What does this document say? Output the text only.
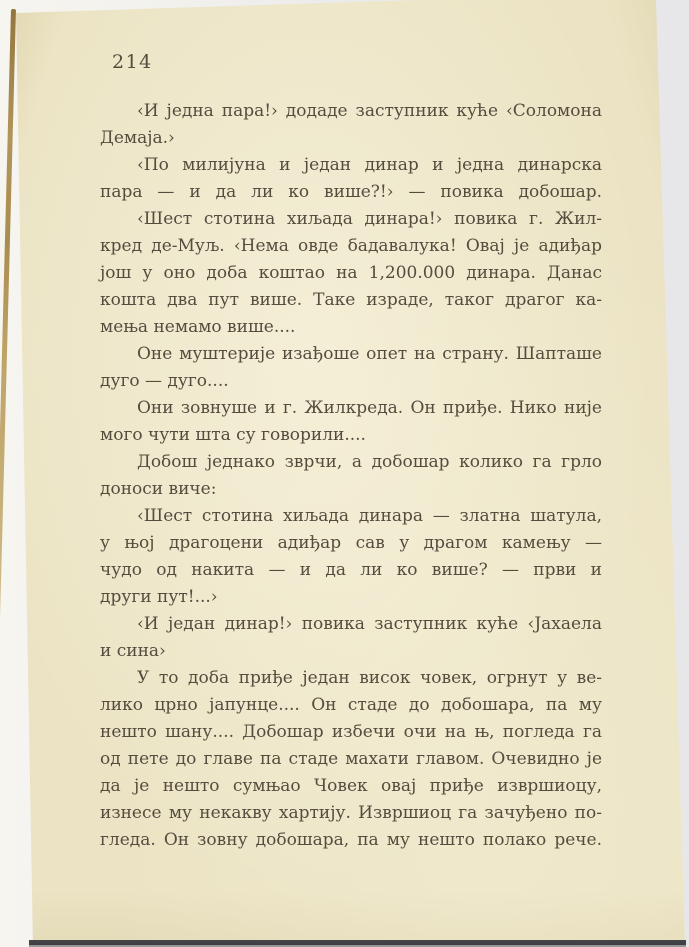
214
‹И једна пара!› додаде заступник куће ‹Соломона
Демаја.›
‹По милијуна и један динар и једна динарска
пара — и да ли ко више?!› — повика добошар.
‹Шест стотина хиљада динара!› повика г. Жил-
кред де-Муљ. ‹Нема овде бадавалука! Овај је адиђар
још у оно доба коштао на 1,200.000 динара. Данас
кошта два пут више. Таке израде, таког драгог ка-
мења немамо више....
Оне муштерије изађоше опет на страну. Шапташе
дуго — дуго....
Они зовнуше и г. Жилкреда. Он приђе. Нико није
мого чути шта су говорили....
Добош једнако зврчи, а добошар колико га грло
доноси виче:
‹Шест стотина хиљада динара — златна шатула,
у њој драгоцени адиђар сав у драгом камењу —
чудо од накита — и да ли ко више? — први и
други пут!...›
‹И један динар!› повика заступник куће ‹Јахаела
и сина›
У то доба приђе један висок човек, огрнут у ве-
лико црно јапунце.... Он стаде до добошара, па му
нешто шану.... Добошар избечи очи на њ, погледа га
од пете до главе па стаде махати главом. Очевидно је
да је нешто сумњао Човек овај приђе извршиоцу,
изнесе му некакву хартију. Извршиоц га зачуђено по-
гледа. Он зовну добошара, па му нешто полако рече.
